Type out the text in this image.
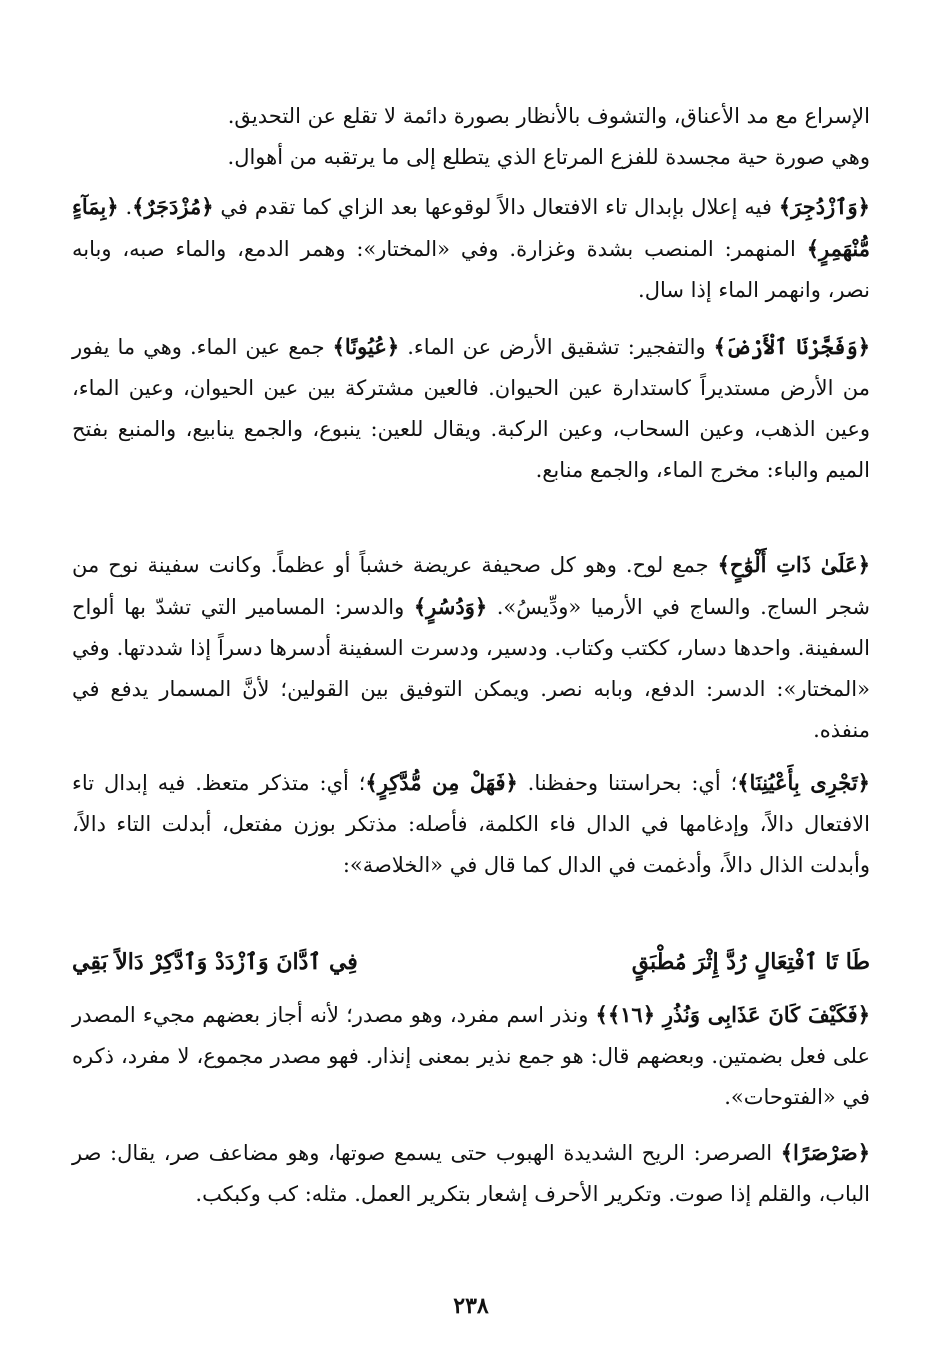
الإسراع مع مد الأعناق، والتشوف بالأنظار بصورة دائمة لا تقلع عن التحديق.

وهي صورة حية مجسدة للفزع المرتاع الذي يتطلع إلى ما يرتقبه من أهوال.

﴿وَٱزْدُجِرَ﴾ فيه إعلال بإبدال تاء الافتعال دالاً لوقوعها بعد الزاي كما تقدم في ﴿مُزْدَجَرٌ﴾. ﴿بِمَآءٍ مُّنْهَمِرٍ﴾ المنهمر: المنصب بشدة وغزارة. وفي «المختار»: وهمر الدمع، والماء صبه، وبابه نصر، وانهمر الماء إذا سال.

﴿وَفَجَّرْنَا ٱلْأَرْضَ﴾ والتفجير: تشقيق الأرض عن الماء. ﴿عُيُونًا﴾ جمع عين الماء. وهي ما يفور من الأرض مستديراً كاستدارة عين الحيوان. فالعين مشتركة بين عين الحيوان، وعين الماء، وعين الذهب، وعين السحاب، وعين الركبة. ويقال للعين: ينبوع، والجمع ينابيع، والمنبع بفتح الميم والباء: مخرج الماء، والجمع منابع.

﴿عَلَىٰ ذَاتِ أَلْوَٰحٍ﴾ جمع لوح. وهو كل صحيفة عريضة خشباً أو عظماً. وكانت سفينة نوح من شجر الساج. والساج في الأرميا «ودِّيسُ». ﴿وَدُسُرٍ﴾ والدسر: المسامير التي تشدّ بها ألواح السفينة. واحدها دسار، ككتب وكتاب. ودسير، ودسرت السفينة أدسرها دسراً إذا شددتها. وفي «المختار»: الدسر: الدفع، وبابه نصر. ويمكن التوفيق بين القولين؛ لأنَّ المسمار يدفع في منفذه.

﴿تَجْرِى بِأَعْيُنِنَا﴾؛ أي: بحراستنا وحفظنا. ﴿فَهَلْ مِن مُّدَّكِرٍ﴾؛ أي: متذكر متعظ. فيه إبدال تاء الافتعال دالاً، وإدغامها في الدال فاء الكلمة، فأصله: مذتكر بوزن مفتعل، أبدلت التاء دالاً، وأبدلت الذال دالاً، وأدغمت في الدال كما قال في «الخلاصة»:

طَا تَا ٱفْتِعَالٍ رُدَّ إِثْرَ مُطْبَقٍ
فِي ٱدَّانَ وَٱزْدَدْ وَٱدَّكِرْ دَالاً بَقِي

﴿فَكَيْفَ كَانَ عَذَابِى وَنُذُرِ ﴿١٦﴾﴾ ونذر اسم مفرد، وهو مصدر؛ لأنه أجاز بعضهم مجيء المصدر على فعل بضمتين. وبعضهم قال: هو جمع نذير بمعنى إنذار. فهو مصدر مجموع، لا مفرد، ذكره في «الفتوحات».

﴿صَرْصَرًا﴾ الصرصر: الريح الشديدة الهبوب حتى يسمع صوتها، وهو مضاعف صر، يقال: صر الباب، والقلم إذا صوت. وتكرير الأحرف إشعار بتكرير العمل. مثله: كب وكبكب.

٢٣٨
